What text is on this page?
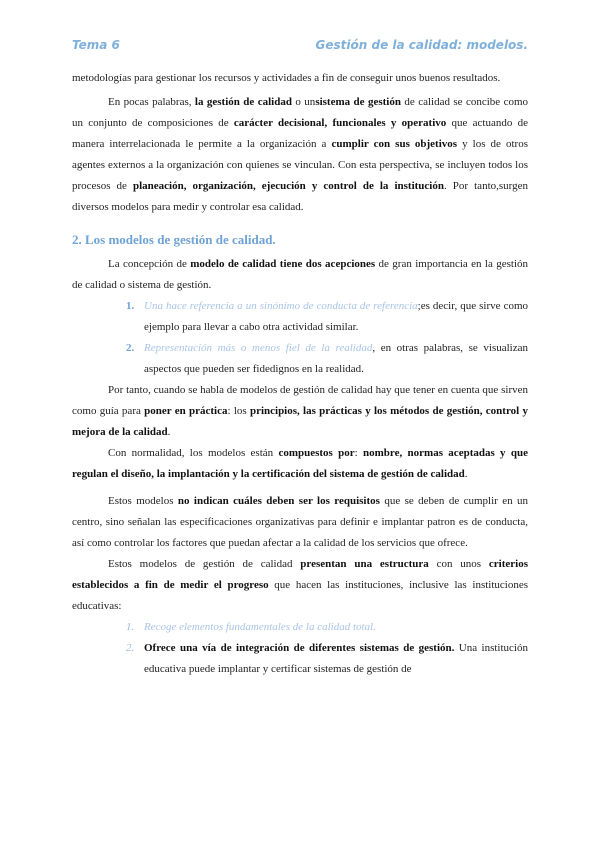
Tema 6	Gestión de la calidad: modelos.

metodologías para gestionar los recursos y actividades a fin de conseguir unos buenos resultados.

En pocas palabras, la gestión de calidad o unsistema de gestión de calidad se concibe como un conjunto de composiciones de carácter decisional, funcionales y operativo que actuando de manera interrelacionada le permite a la organización a cumplir con sus objetivos y los de otros agentes externos a la organización con quienes se vinculan. Con esta perspectiva, se incluyen todos los procesos de planeación, organización, ejecución y control de la institución. Por tanto,surgen diversos modelos para medir y controlar esa calidad.

2. Los modelos de gestión de calidad.

La concepción de modelo de calidad tiene dos acepciones de gran importancia en la gestión de calidad o sistema de gestión.

1. Una hace referencia a un sinónimo de conducta de referencia;es decir, que sirve como ejemplo para llevar a cabo otra actividad similar.
2. Representación más o menos fiel de la realidad, en otras palabras, se visualizan aspectos que pueden ser fidedignos en la realidad.

Por tanto, cuando se habla de modelos de gestión de calidad hay que tener en cuenta que sirven como guía para poner en práctica: los principios, las prácticas y los métodos de gestión, control y mejora de la calidad.

Con normalidad, los modelos están compuestos por: nombre, normas aceptadas y que regulan el diseño, la implantación y la certificación del sistema de gestión de calidad.

Estos modelos no indican cuáles deben ser los requisitos que se deben de cumplir en un centro, sino señalan las especificaciones organizativas para definir e implantar patron es de conducta, así como controlar los factores que puedan afectar a la calidad de los servicios que ofrece.

Estos modelos de gestión de calidad presentan una estructura con unos criterios establecidos a fin de medir el progreso que hacen las instituciones, inclusive las instituciones educativas:

1. Recoge elementos fundamentales de la calidad total.
2. Ofrece una vía de integración de diferentes sistemas de gestión. Una institución educativa puede implantar y certificar sistemas de gestión de
